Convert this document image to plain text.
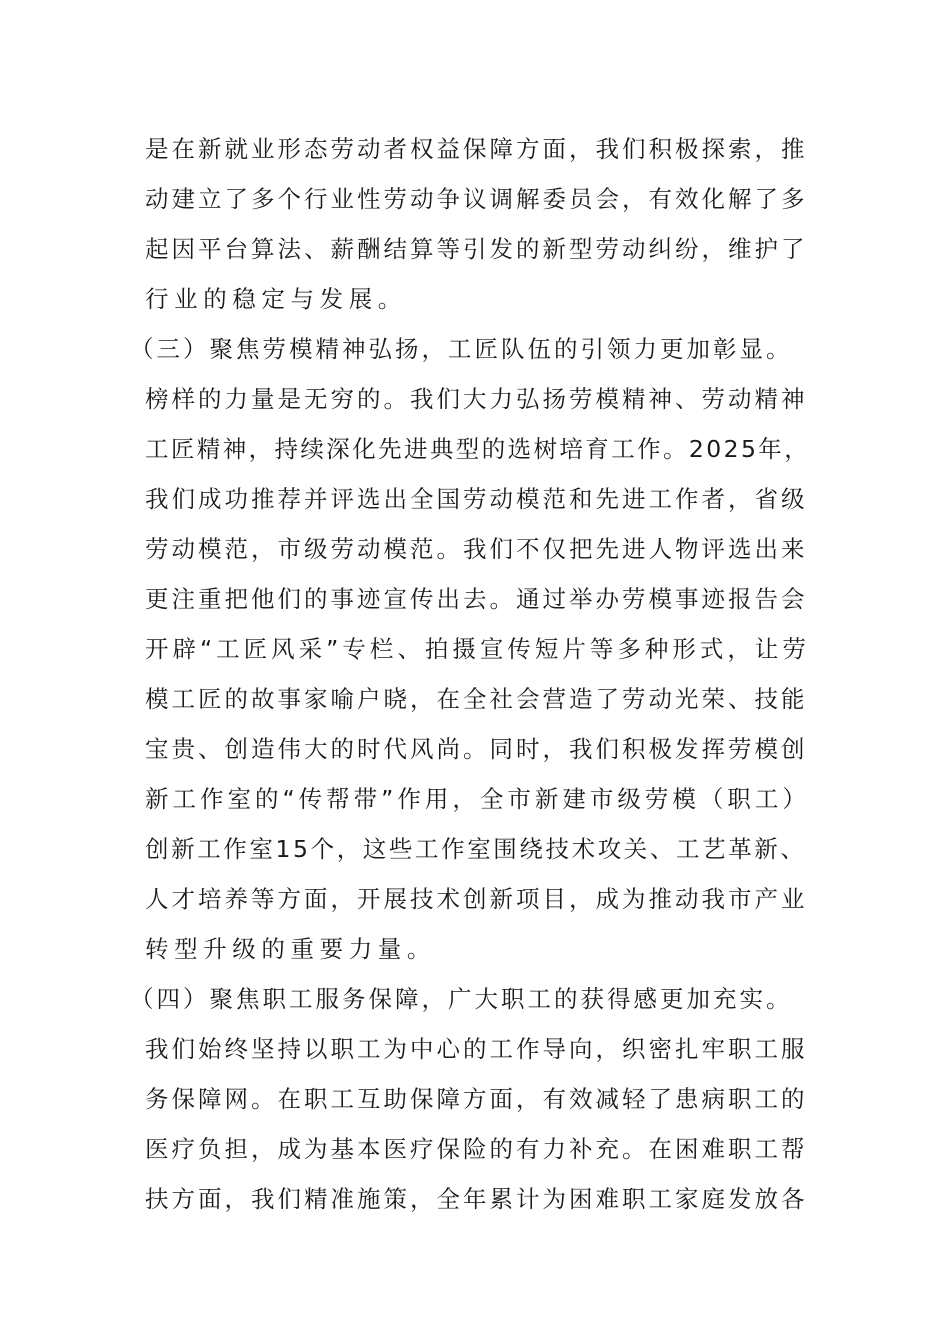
是在新就业形态劳动者权益保障方面，我们积极探索，推
动建立了多个行业性劳动争议调解委员会，有效化解了多
起因平台算法、薪酬结算等引发的新型劳动纠纷，维护了
行业的稳定与发展。
（三）聚焦劳模精神弘扬，工匠队伍的引领力更加彰显。
榜样的力量是无穷的。我们大力弘扬劳模精神、劳动精神
工匠精神，持续深化先进典型的选树培育工作。2025年，
我们成功推荐并评选出全国劳动模范和先进工作者，省级
劳动模范，市级劳动模范。我们不仅把先进人物评选出来
更注重把他们的事迹宣传出去。通过举办劳模事迹报告会
开辟“工匠风采”专栏、拍摄宣传短片等多种形式，让劳
模工匠的故事家喻户晓，在全社会营造了劳动光荣、技能
宝贵、创造伟大的时代风尚。同时，我们积极发挥劳模创
新工作室的“传帮带”作用，全市新建市级劳模（职工）
创新工作室15个，这些工作室围绕技术攻关、工艺革新、
人才培养等方面，开展技术创新项目，成为推动我市产业
转型升级的重要力量。
（四）聚焦职工服务保障，广大职工的获得感更加充实。
我们始终坚持以职工为中心的工作导向，织密扎牢职工服
务保障网。在职工互助保障方面，有效减轻了患病职工的
医疗负担，成为基本医疗保险的有力补充。在困难职工帮
扶方面，我们精准施策，全年累计为困难职工家庭发放各
